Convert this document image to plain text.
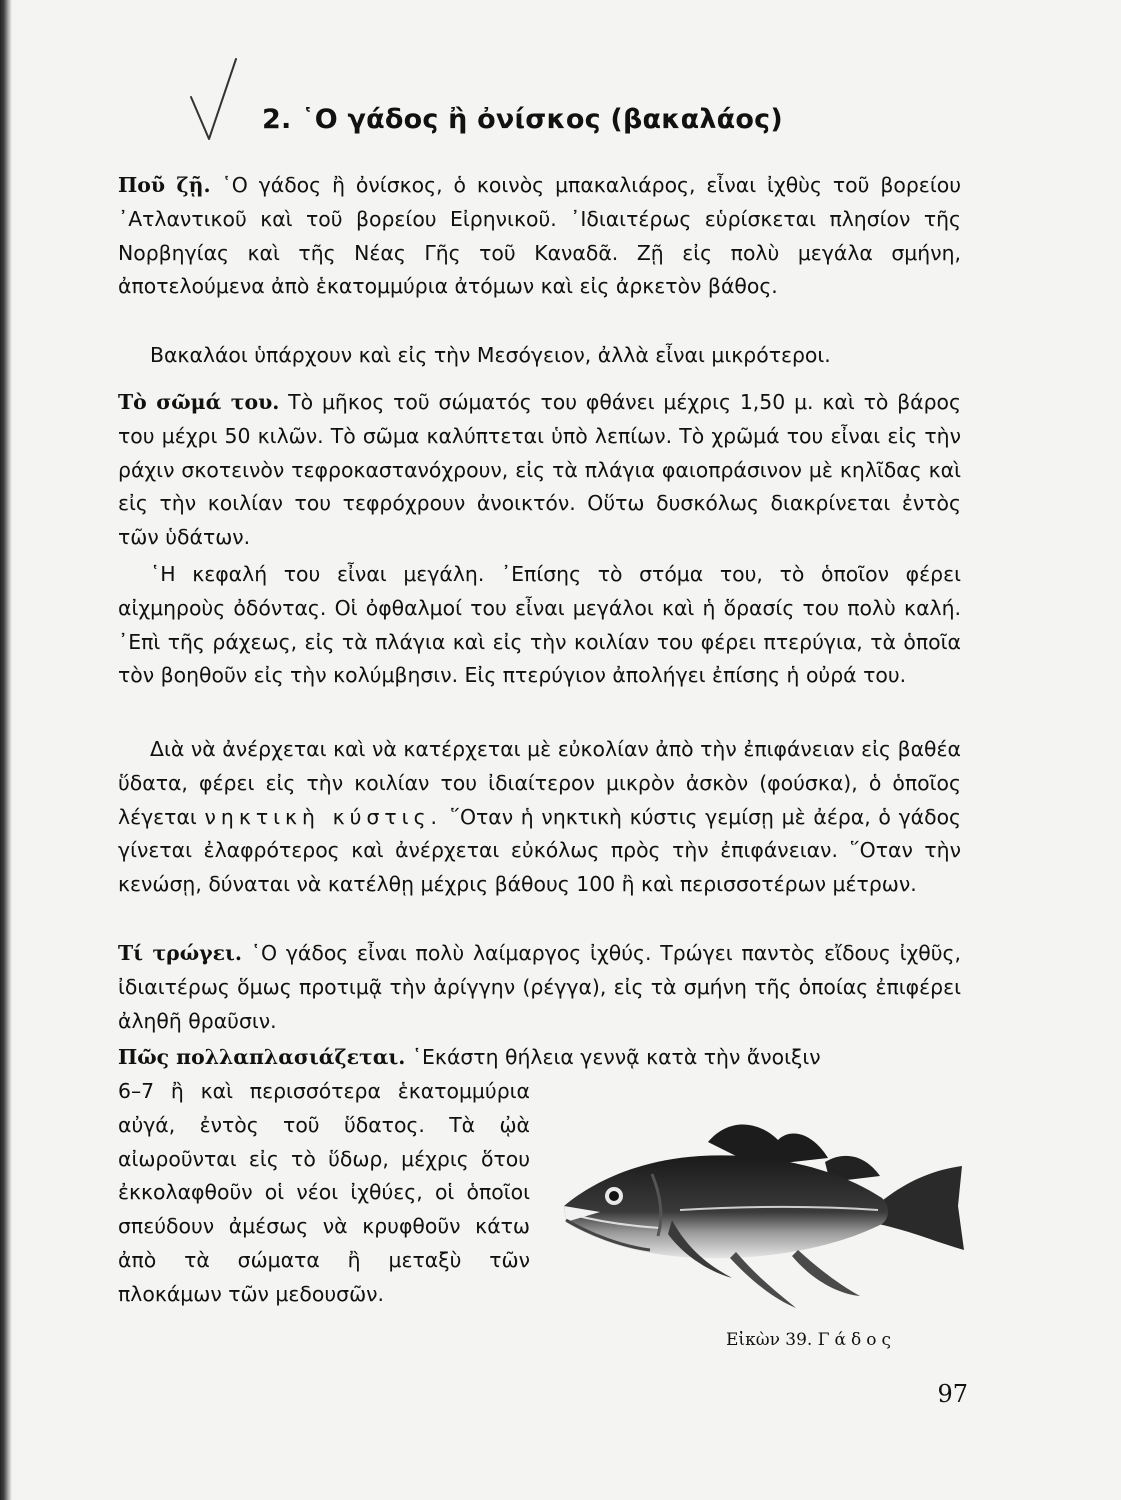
2. ῾Ο γάδος ἢ ὀνίσκος (βακαλάος)

Ποῦ ζῇ. ῾Ο γάδος ἢ ὀνίσκος, ὁ κοινὸς μπακαλιάρος, εἶναι ἰχθὺς τοῦ βορείου ᾿Ατλαντικοῦ καὶ τοῦ βορείου Εἰρηνικοῦ. ᾿Ιδιαιτέρως εὑρίσκεται πλησίον τῆς Νορβηγίας καὶ τῆς Νέας Γῆς τοῦ Καναδᾶ. Ζῇ εἰς πολὺ μεγάλα σμήνη, ἀποτελούμενα ἀπὸ ἑκατομμύρια ἀτόμων καὶ εἰς ἀρκετὸν βάθος.

Βακαλάοι ὑπάρχουν καὶ εἰς τὴν Μεσόγειον, ἀλλὰ εἶναι μικρότεροι.

Τὸ σῶμά του. Τὸ μῆκος τοῦ σώματός του φθάνει μέχρις 1,50 μ. καὶ τὸ βάρος του μέχρι 50 κιλῶν. Τὸ σῶμα καλύπτεται ὑπὸ λεπίων. Τὸ χρῶμά του εἶναι εἰς τὴν ράχιν σκοτεινὸν τεφροκαστανόχρουν, εἰς τὰ πλάγια φαιοπράσινον μὲ κηλῖδας καὶ εἰς τὴν κοιλίαν του τεφρόχρουν ἀνοικτόν. Οὕτω δυσκόλως διακρίνεται ἐντὸς τῶν ὑδάτων.

῾Η κεφαλή του εἶναι μεγάλη. ᾿Επίσης τὸ στόμα του, τὸ ὁποῖον φέρει αἰχμηροὺς ὀδόντας. Οἱ ὀφθαλμοί του εἶναι μεγάλοι καὶ ἡ ὅρασίς του πολὺ καλή. ᾿Επὶ τῆς ράχεως, εἰς τὰ πλάγια καὶ εἰς τὴν κοιλίαν του φέρει πτερύγια, τὰ ὁποῖα τὸν βοηθοῦν εἰς τὴν κολύμβησιν. Εἰς πτερύγιον ἀπολήγει ἐπίσης ἡ οὐρά του.

Διὰ νὰ ἀνέρχεται καὶ νὰ κατέρχεται μὲ εὐκολίαν ἀπὸ τὴν ἐπιφάνειαν εἰς βαθέα ὕδατα, φέρει εἰς τὴν κοιλίαν του ἰδιαίτερον μικρὸν ἀσκὸν (φούσκα), ὁ ὁποῖος λέγεται νηκτικὴ κύστις. ῞Οταν ἡ νηκτικὴ κύστις γεμίσῃ μὲ ἀέρα, ὁ γάδος γίνεται ἐλαφρότερος καὶ ἀνέρχεται εὐκόλως πρὸς τὴν ἐπιφάνειαν. ῞Οταν τὴν κενώσῃ, δύναται νὰ κατέλθῃ μέχρις βάθους 100 ἢ καὶ περισσοτέρων μέτρων.

Τί τρώγει. ῾Ο γάδος εἶναι πολὺ λαίμαργος ἰχθύς. Τρώγει παντὸς εἴδους ἰχθῦς, ἰδιαιτέρως ὅμως προτιμᾷ τὴν ἀρίγγην (ρέγγα), εἰς τὰ σμήνη τῆς ὁποίας ἐπιφέρει ἀληθῆ θραῦσιν.

Πῶς πολλαπλασιάζεται. ῾Εκάστη θήλεια γεννᾷ κατὰ τὴν ἄνοιξιν

6–7 ἢ καὶ περισσότερα ἑκατομμύρια αὐγά, ἐντὸς τοῦ ὕδατος. Τὰ ᾠὰ αἰωροῦνται εἰς τὸ ὕδωρ, μέχρις ὅτου ἐκκολαφθοῦν οἱ νέοι ἰχθύες, οἱ ὁποῖοι σπεύδουν ἀμέσως νὰ κρυφθοῦν κάτω ἀπὸ τὰ σώματα ἢ μεταξὺ τῶν πλοκάμων τῶν μεδουσῶν.

Εἰκὼν 39. Γάδος
97
